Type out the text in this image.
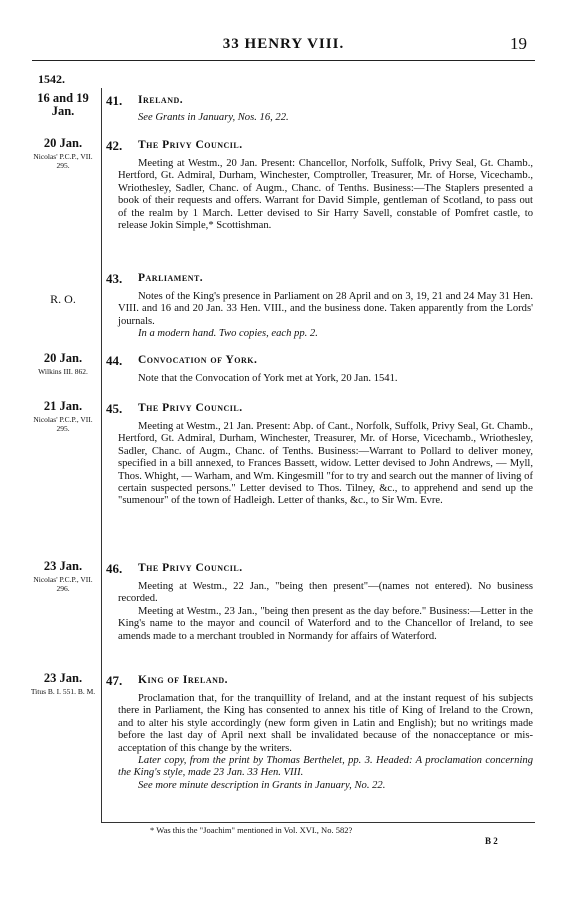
33 HENRY VIII.	19
1542.
16 and 19 Jan.
41. Ireland.

See Grants in January, Nos. 16, 22.

20 Jan.
Nicolas' P.C.P., VII. 295.
42. The Privy Council.

Meeting at Westm., 20 Jan. Present: Chancellor, Norfolk, Suffolk, Privy Seal, Gt. Chamb., Hertford, Gt. Admiral, Durham, Winchester, Comptroller, Treasurer, Mr. of Horse, Vicechamb., Wriothesley, Sadler, Chanc. of Augm., Chanc. of Tenths. Business:—The Staplers presented a book of their requests and offers. Warrant for David Simple, gentleman of Scotland, to pass out of the realm by 1 March. Letter devised to Sir Harry Savell, constable of Pomfret castle, to release Jokin Simple,* Scottishman.

R. O.
43. Parliament.

Notes of the King's presence in Parliament on 28 April and on 3, 19, 21 and 24 May 31 Hen. VIII. and 16 and 20 Jan. 33 Hen. VIII., and the business done. Taken apparently from the Lords' journals.

In a modern hand. Two copies, each pp. 2.

20 Jan.
Wilkins III. 862.
44. Convocation of York.

Note that the Convocation of York met at York, 20 Jan. 1541.

21 Jan.
Nicolas' P.C.P., VII. 295.
45. The Privy Council.

Meeting at Westm., 21 Jan. Present: Abp. of Cant., Norfolk, Suffolk, Privy Seal, Gt. Chamb., Hertford, Gt. Admiral, Durham, Winchester, Treasurer, Mr. of Horse, Vicechamb., Wriothesley, Sadler, Chanc. of Augm., Chanc. of Tenths. Business:—Warrant to Pollard to deliver money, specified in a bill annexed, to Frances Bassett, widow. Letter devised to John Andrews, — Myll, Thos. Whight, — Warham, and Wm. Kingesmill "for to try and search out the manner of living of certain suspected persons." Letter devised to Thos. Tilney, &c., to apprehend and send up the "sumenour" of the town of Hadleigh. Letter of thanks, &c., to Sir Wm. Evre.

23 Jan.
Nicolas' P.C.P., VII. 296.
46. The Privy Council.

Meeting at Westm., 22 Jan., "being then present"—(names not entered). No business recorded.

Meeting at Westm., 23 Jan., "being then present as the day before." Business:—Letter in the King's name to the mayor and council of Waterford and to the Chancellor of Ireland, to see amends made to a merchant troubled in Normandy for affairs of Waterford.

23 Jan.
Titus B. I. 551. B. M.
47. King of Ireland.

Proclamation that, for the tranquillity of Ireland, and at the instant request of his subjects there in Parliament, the King has consented to annex his title of King of Ireland to the Crown, and to alter his style accordingly (new form given in Latin and English); but no writings made before the last day of April next shall be invalidated because of the nonacceptance or mis-acceptation of this change by the writers.

Later copy, from the print by Thomas Berthelet, pp. 3. Headed: A proclamation concerning the King's style, made 23 Jan. 33 Hen. VIII.

See more minute description in Grants in January, No. 22.

* Was this the "Joachim" mentioned in Vol. XVI., No. 582?
B 2
